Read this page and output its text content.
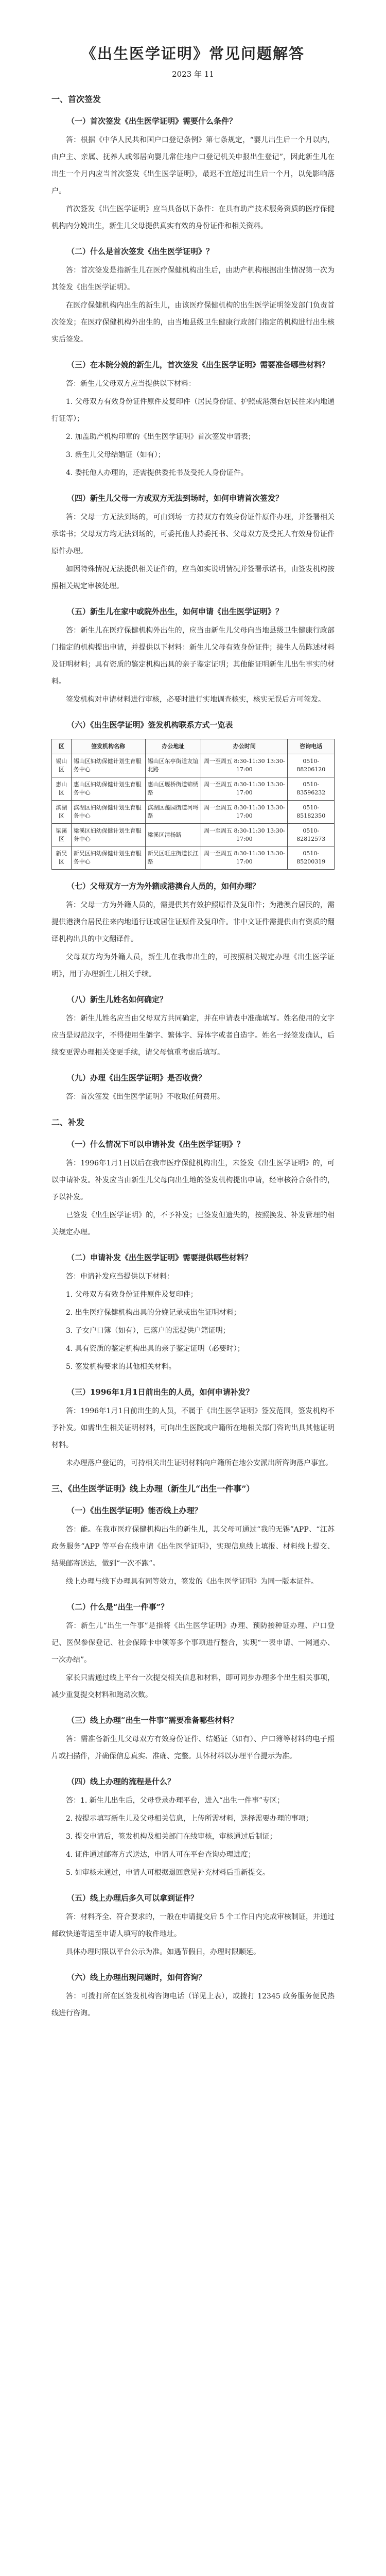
《出生医学证明》常见问题解答
2023 年 11
一、首次签发
（一）首次签发《出生医学证明》需要什么条件？

答：根据《中华人民共和国户口登记条例》第七条规定，“婴儿出生后一个月以内，由户主、亲属、抚养人或邻居向婴儿常住地户口登记机关申报出生登记”，因此新生儿在出生一个月内应当首次签发《出生医学证明》，最迟不宜超过出生后一个月，以免影响落户。

首次签发《出生医学证明》应当具备以下条件：在具有助产技术服务资质的医疗保健机构内分娩出生，新生儿父母提供真实有效的身份证件和相关资料。

（二）什么是首次签发《出生医学证明》？

答：首次签发是指新生儿在医疗保健机构出生后，由助产机构根据出生情况第一次为其签发《出生医学证明》。

在医疗保健机构内出生的新生儿，由该医疗保健机构的出生医学证明签发部门负责首次签发；在医疗保健机构外出生的，由当地县级卫生健康行政部门指定的机构进行出生核实后签发。

（三）在本院分娩的新生儿，首次签发《出生医学证明》需要准备哪些材料？

答：新生儿父母双方应当提供以下材料：

1. 父母双方有效身份证件原件及复印件（居民身份证、护照或港澳台居民往来内地通行证等）；

2. 加盖助产机构印章的《出生医学证明》首次签发申请表；

3. 新生儿父母结婚证（如有）；

4. 委托他人办理的，还需提供委托书及受托人身份证件。

（四）新生儿父母一方或双方无法到场时，如何申请首次签发？

答：父母一方无法到场的，可由到场一方持双方有效身份证件原件办理，并签署相关承诺书；父母双方均无法到场的，可委托他人持委托书、父母双方及受托人有效身份证件原件办理。

如因特殊情况无法提供相关证件的，应当如实说明情况并签署承诺书，由签发机构按照相关规定审核处理。

（五）新生儿在家中或院外出生，如何申请《出生医学证明》？

答：新生儿在医疗保健机构外出生的，应当由新生儿父母向当地县级卫生健康行政部门指定的机构提出申请，并提供以下材料：新生儿父母有效身份证件；接生人员陈述材料及证明材料；具有资质的鉴定机构出具的亲子鉴定证明；其他能证明新生儿出生事实的材料。

签发机构对申请材料进行审核，必要时进行实地调查核实，核实无误后方可签发。

（六）《出生医学证明》签发机构联系方式一览表
区	签发机构名称	办公地址	办公时间	咨询电话
锡山区	锡山区妇幼保健计划生育服务中心	锡山区东亭街道友谊北路	周一至周五 8:30-11:30 13:30-17:00	0510-88206120
惠山区	惠山区妇幼保健计划生育服务中心	惠山区堰桥街道锦绣路	周一至周五 8:30-11:30 13:30-17:00	0510-83596232
滨湖区	滨湖区妇幼保健计划生育服务中心	滨湖区蠡园街道河埒路	周一至周五 8:30-11:30 13:30-17:00	0510-85182350
梁溪区	梁溪区妇幼保健计划生育服务中心	梁溪区清扬路	周一至周五 8:30-11:30 13:30-17:00	0510-82812573
新吴区	新吴区妇幼保健计划生育服务中心	新吴区旺庄街道长江路	周一至周五 8:30-11:30 13:30-17:00	0510-85200319
（七）父母双方一方为外籍或港澳台人员的，如何办理？

答：父母一方为外籍人员的，需提供其有效护照原件及复印件；为港澳台居民的，需提供港澳台居民往来内地通行证或居住证原件及复印件。非中文证件需提供由有资质的翻译机构出具的中文翻译件。

父母双方均为外籍人员，新生儿在我市出生的，可按照相关规定办理《出生医学证明》，用于办理新生儿相关手续。

（八）新生儿姓名如何确定？

答：新生儿姓名应当由父母双方共同确定，并在申请表中准确填写。姓名使用的文字应当是规范汉字，不得使用生僻字、繁体字、异体字或者自造字。姓名一经签发确认，后续变更需办理相关变更手续，请父母慎重考虑后填写。

（九）办理《出生医学证明》是否收费？

答：首次签发《出生医学证明》不收取任何费用。

二、补发
（一）什么情况下可以申请补发《出生医学证明》？

答：1996年1月1日以后在我市医疗保健机构出生，未签发《出生医学证明》的，可以申请补发。补发应当由新生儿父母向出生地的签发机构提出申请，经审核符合条件的，予以补发。

已签发《出生医学证明》的，不予补发；已签发但遗失的，按照换发、补发管理的相关规定办理。

（二）申请补发《出生医学证明》需要提供哪些材料？

答：申请补发应当提供以下材料：

1. 父母双方有效身份证件原件及复印件；

2. 出生医疗保健机构出具的分娩记录或出生证明材料；

3. 子女户口簿（如有），已落户的需提供户籍证明；

4. 具有资质的鉴定机构出具的亲子鉴定证明（必要时）；

5. 签发机构要求的其他相关材料。

（三）1996年1月1日前出生的人员，如何申请补发？

答：1996年1月1日前出生的人员，不属于《出生医学证明》签发范围，签发机构不予补发。如需出生相关证明材料，可向出生医院或户籍所在地相关部门咨询出具其他证明材料。

未办理落户登记的，可持相关出生证明材料向户籍所在地公安派出所咨询落户事宜。

三、《出生医学证明》线上办理（新生儿“出生一件事”）
（一）《出生医学证明》能否线上办理？

答：能。在我市医疗保健机构出生的新生儿，其父母可通过“我的无锡”APP、“江苏政务服务”APP 等平台在线申请《出生医学证明》，实现信息线上填报、材料线上提交、结果邮寄送达，做到“一次不跑”。

线上办理与线下办理具有同等效力，签发的《出生医学证明》为同一版本证件。

（二）什么是“出生一件事”？

答：新生儿“出生一件事”是指将《出生医学证明》办理、预防接种证办理、户口登记、医保参保登记、社会保障卡申领等多个事项进行整合，实现“一表申请、一网通办、一次办结”。

家长只需通过线上平台一次提交相关信息和材料，即可同步办理多个出生相关事项，减少重复提交材料和跑动次数。

（三）线上办理“出生一件事”需要准备哪些材料？

答：需准备新生儿父母双方有效身份证件、结婚证（如有）、户口簿等材料的电子照片或扫描件，并确保信息真实、准确、完整。具体材料以办理平台提示为准。

（四）线上办理的流程是什么？

答：1. 新生儿出生后，父母登录办理平台，进入“出生一件事”专区；

2. 按提示填写新生儿及父母相关信息，上传所需材料，选择需要办理的事项；

3. 提交申请后，签发机构及相关部门在线审核，审核通过后制证；

4. 证件通过邮寄方式送达，申请人可在平台查询办理进度；

5. 如审核未通过，申请人可根据退回意见补充材料后重新提交。

（五）线上办理后多久可以拿到证件？

答：材料齐全、符合要求的，一般在申请提交后 5 个工作日内完成审核制证，并通过邮政快递寄送至申请人填写的收件地址。

具体办理时限以平台公示为准。如遇节假日，办理时限顺延。

（六）线上办理出现问题时，如何咨询？

答：可拨打所在区签发机构咨询电话（详见上表），或拨打 12345 政务服务便民热线进行咨询。
